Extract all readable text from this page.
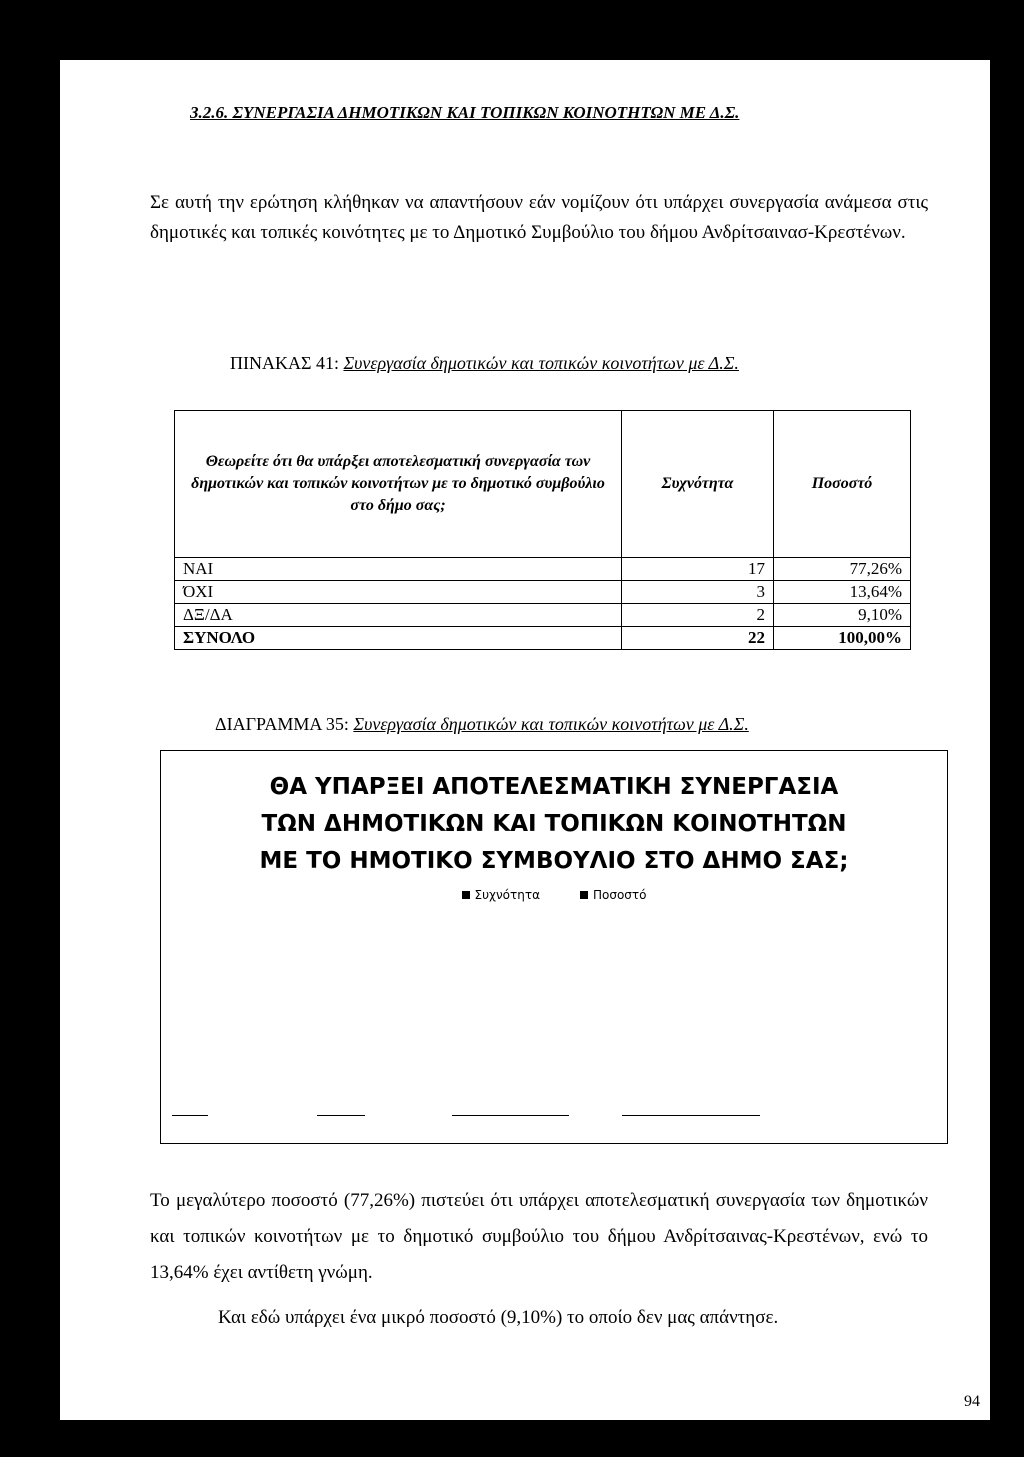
3.2.6. ΣΥΝΕΡΓΑΣΙΑ ΔΗΜΟΤΙΚΩΝ ΚΑΙ ΤΟΠΙΚΩΝ ΚΟΙΝΟΤΗΤΩΝ ΜΕ Δ.Σ.
Σε αυτή την ερώτηση κλήθηκαν να απαντήσουν εάν νομίζουν ότι υπάρχει συνεργασία ανάμεσα στις δημοτικές και τοπικές κοινότητες με το Δημοτικό Συμβούλιο του δήμου Ανδρίτσαινασ-Κρεστένων.
ΠΙΝΑΚΑΣ 41: Συνεργασία δημοτικών και τοπικών κοινοτήτων με Δ.Σ.
Θεωρείτε ότι θα υπάρξει αποτελεσματική συνεργασία των δημοτικών και τοπικών κοινοτήτων με το δημοτικό συμβούλιο στο δήμο σας;	Συχνότητα	Ποσοστό
ΝΑΙ	17	77,26%
ΌΧΙ	3	13,64%
ΔΞ/ΔΑ	2	9,10%
ΣΥΝΟΛΟ	22	100,00%
ΔΙΑΓΡΑΜΜΑ 35: Συνεργασία δημοτικών και τοπικών κοινοτήτων με Δ.Σ.
ΘΑ ΥΠΑΡΞΕΙ ΑΠΟΤΕΛΕΣΜΑΤΙΚΗ ΣΥΝΕΡΓΑΣΙΑ
ΤΩΝ ΔΗΜΟΤΙΚΩΝ ΚΑΙ ΤΟΠΙΚΩΝ ΚΟΙΝΟΤΗΤΩΝ
ΜΕ ΤΟ ΗΜΟΤΙΚΟ ΣΥΜΒΟΥΛΙΟ ΣΤΟ ΔΗΜΟ ΣΑΣ;
Συχνότητα	Ποσοστό
Το μεγαλύτερο ποσοστό (77,26%) πιστεύει ότι υπάρχει αποτελεσματική συνεργασία των δημοτικών και τοπικών κοινοτήτων με το δημοτικό συμβούλιο του δήμου Ανδρίτσαινας-Κρεστένων, ενώ το 13,64% έχει αντίθετη γνώμη.
Και εδώ υπάρχει ένα μικρό ποσοστό (9,10%) το οποίο δεν μας απάντησε.
94
